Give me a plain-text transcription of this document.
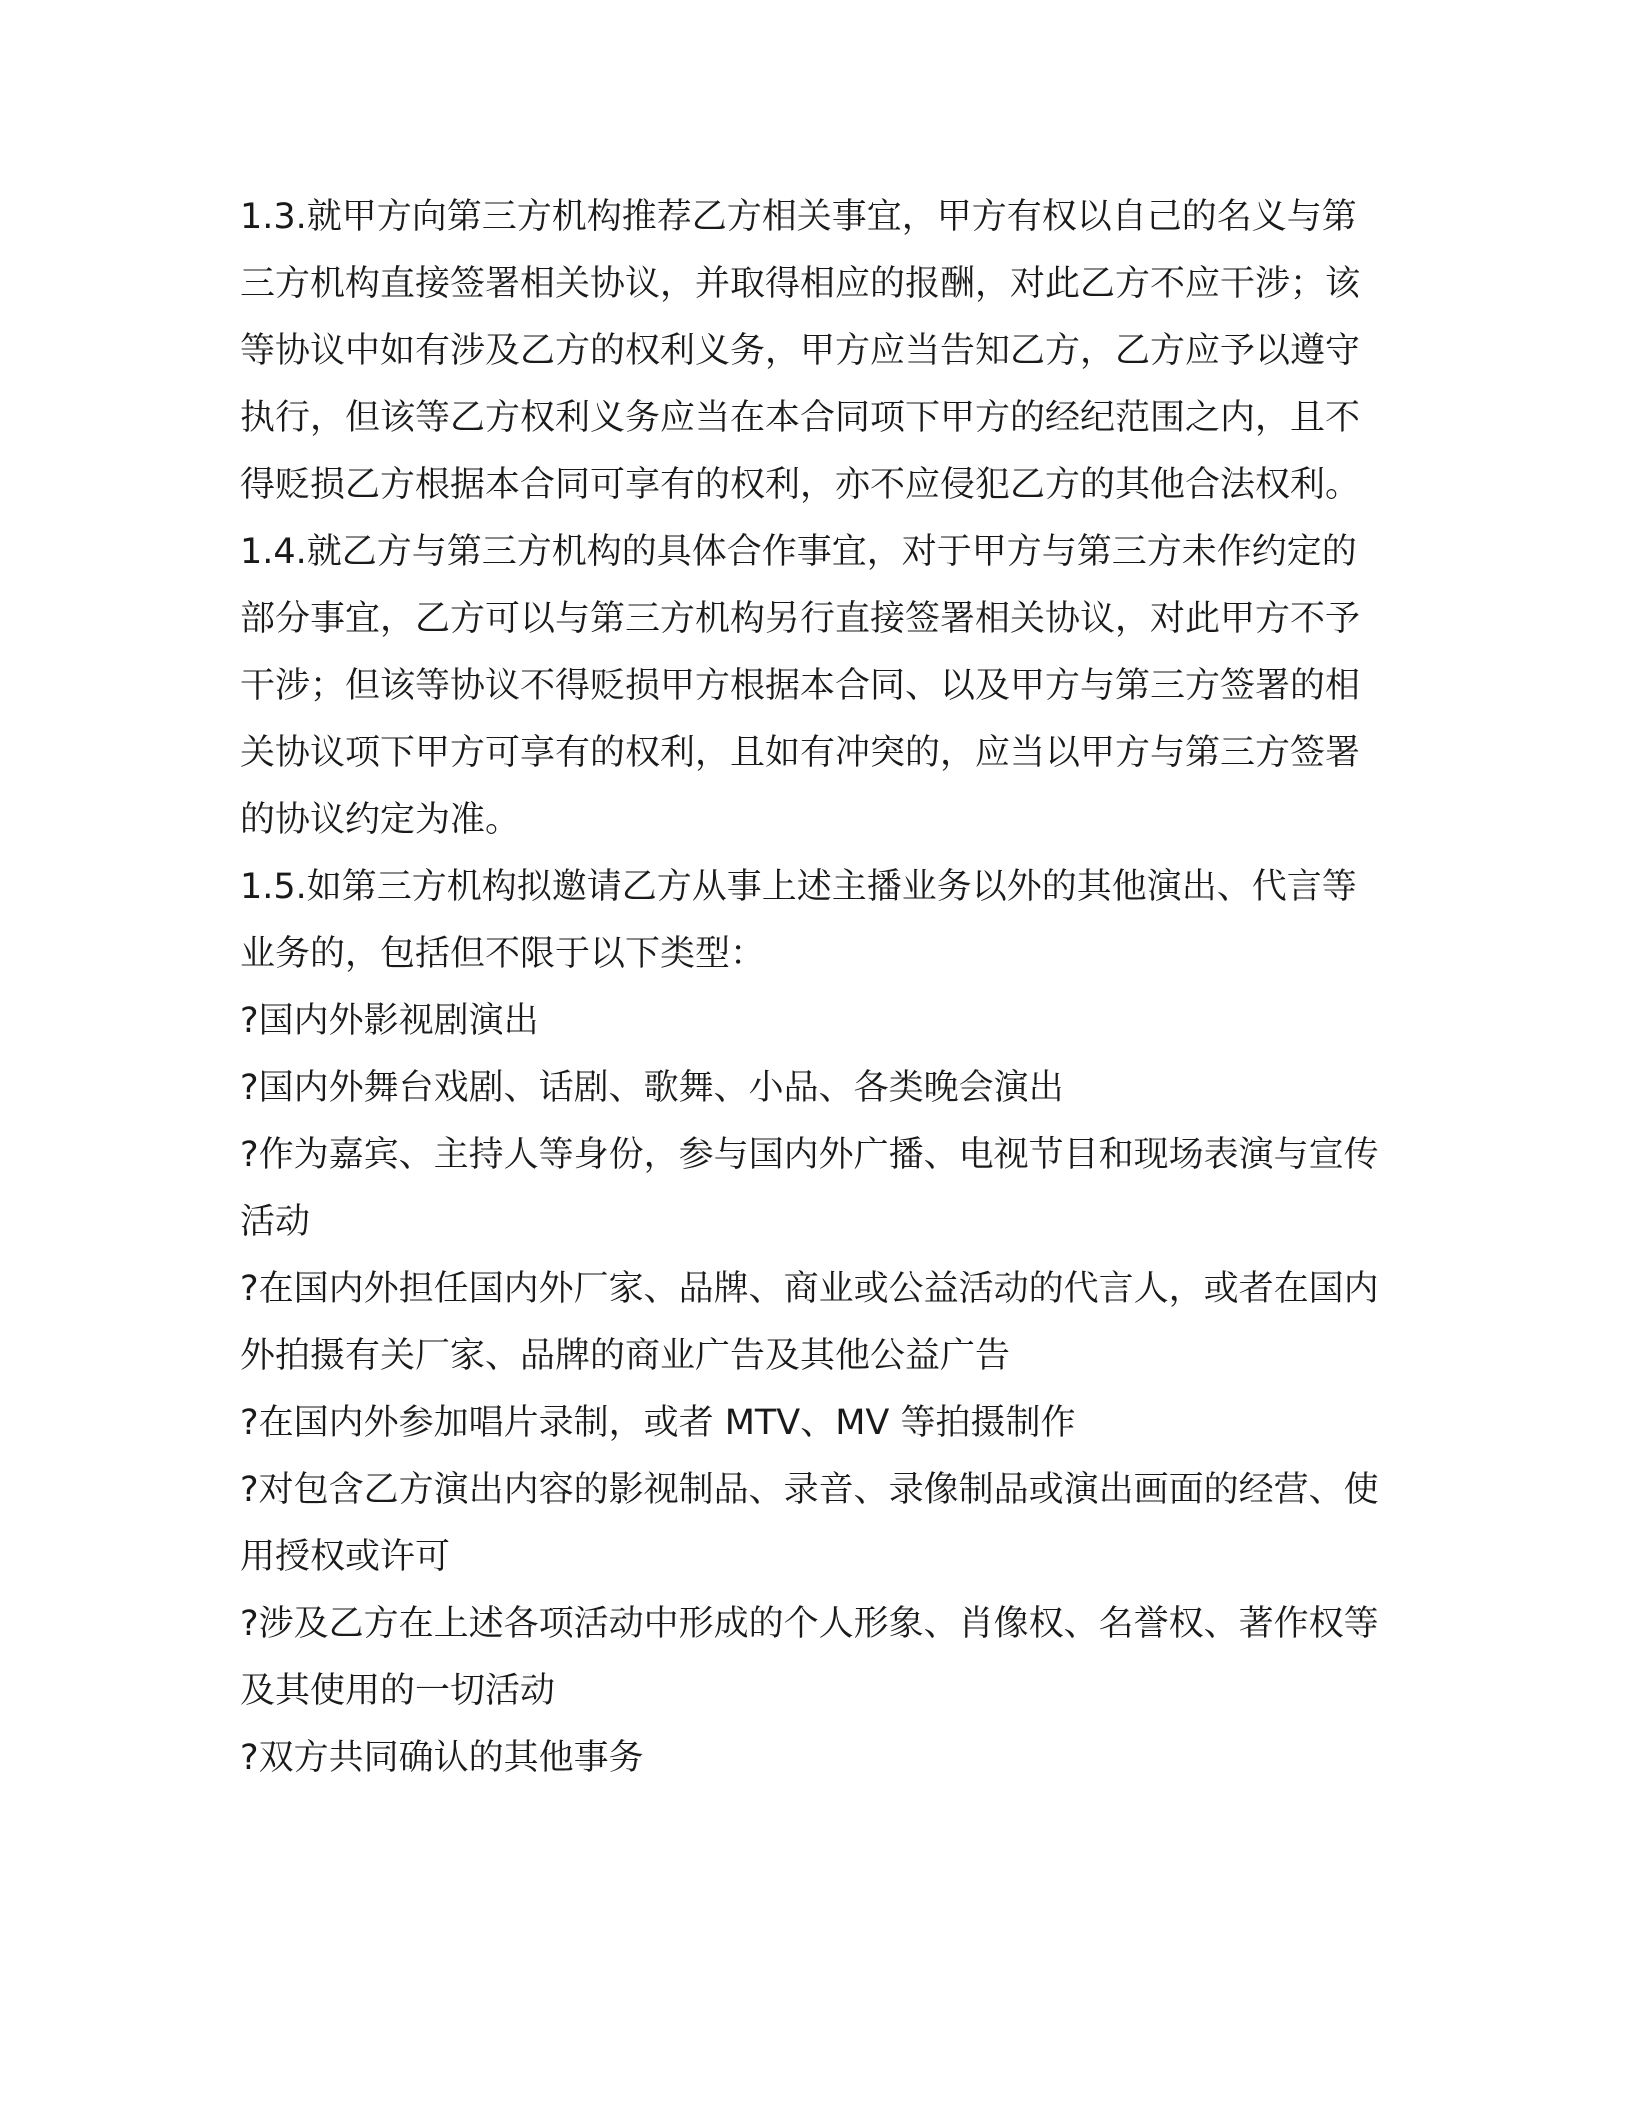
1.3.就甲方向第三方机构推荐乙方相关事宜，甲方有权以自己的名义与第三方机构直接签署相关协议，并取得相应的报酬，对此乙方不应干涉；该等协议中如有涉及乙方的权利义务，甲方应当告知乙方，乙方应予以遵守执行，但该等乙方权利义务应当在本合同项下甲方的经纪范围之内，且不得贬损乙方根据本合同可享有的权利，亦不应侵犯乙方的其他合法权利。

1.4.就乙方与第三方机构的具体合作事宜，对于甲方与第三方未作约定的部分事宜，乙方可以与第三方机构另行直接签署相关协议，对此甲方不予干涉；但该等协议不得贬损甲方根据本合同、以及甲方与第三方签署的相关协议项下甲方可享有的权利，且如有冲突的，应当以甲方与第三方签署的协议约定为准。

1.5.如第三方机构拟邀请乙方从事上述主播业务以外的其他演出、代言等业务的，包括但不限于以下类型：

?国内外影视剧演出

?国内外舞台戏剧、话剧、歌舞、小品、各类晚会演出

?作为嘉宾、主持人等身份，参与国内外广播、电视节目和现场表演与宣传活动

?在国内外担任国内外厂家、品牌、商业或公益活动的代言人，或者在国内外拍摄有关厂家、品牌的商业广告及其他公益广告

?在国内外参加唱片录制，或者 MTV、MV 等拍摄制作

?对包含乙方演出内容的影视制品、录音、录像制品或演出画面的经营、使用授权或许可

?涉及乙方在上述各项活动中形成的个人形象、肖像权、名誉权、著作权等及其使用的一切活动

?双方共同确认的其他事务
